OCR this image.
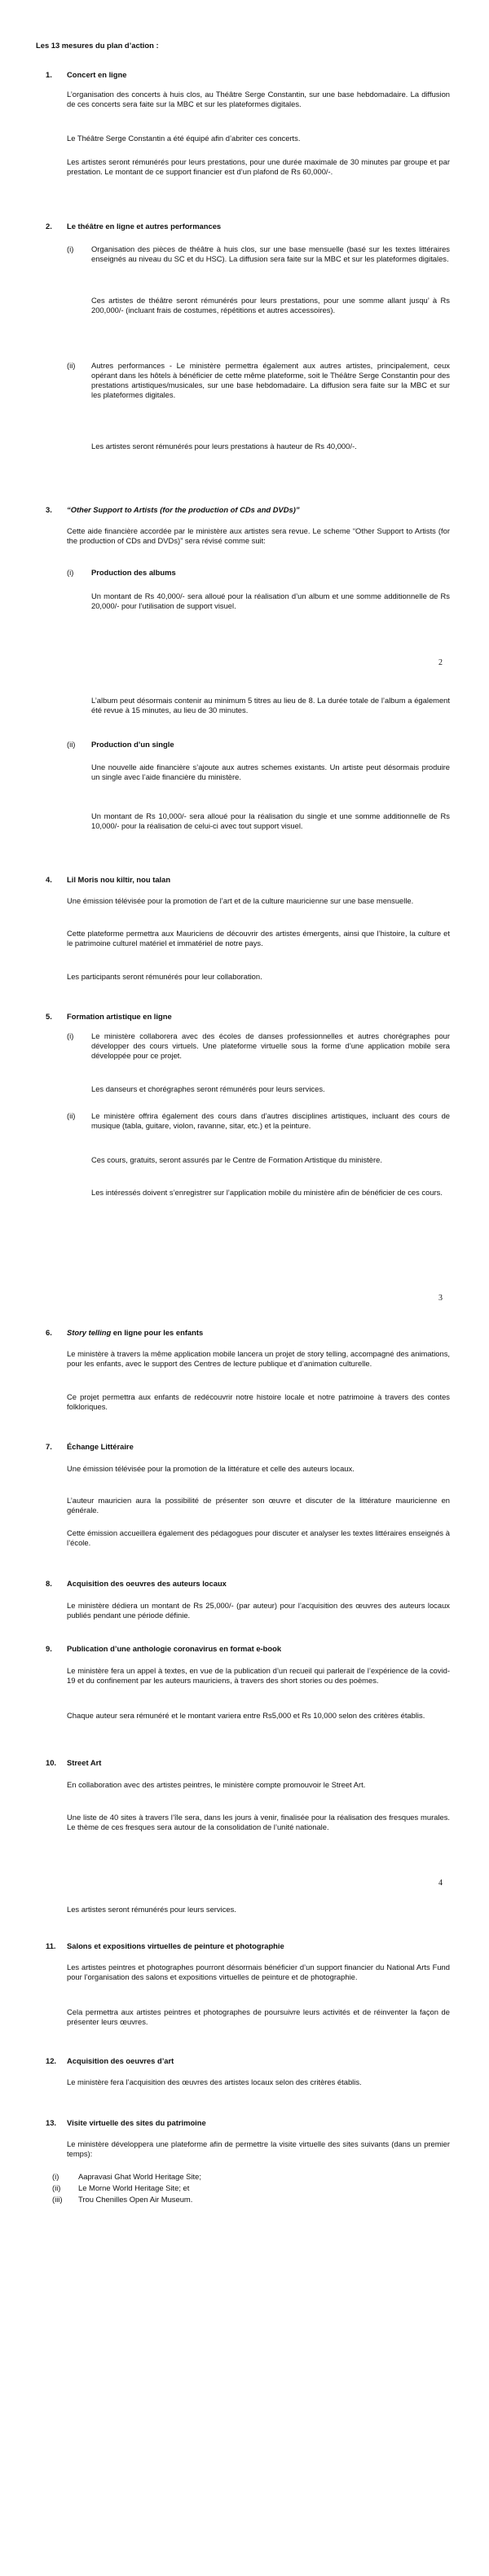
Les 13 mesures du plan d’action :
1. Concert en ligne

L’organisation des concerts à huis clos, au Théâtre Serge Constantin, sur une base hebdomadaire. La diffusion de ces concerts sera faite sur la MBC et sur les plateformes digitales.

Le Théâtre Serge Constantin a été équipé afin d’abriter ces concerts.

Les artistes seront rémunérés pour leurs prestations, pour une durée maximale de 30 minutes par groupe et par prestation. Le montant de ce support financier est d’un plafond de Rs 60,000/-.

2. Le théâtre en ligne et autres performances
(i) Organisation des pièces de théâtre à huis clos, sur une base mensuelle (basé sur les textes littéraires enseignés au niveau du SC et du HSC). La diffusion sera faite sur la MBC et sur les plateformes digitales.

Ces artistes de théâtre seront rémunérés pour leurs prestations, pour une somme allant jusqu’ à Rs 200,000/- (incluant frais de costumes, répétitions et autres accessoires).

(ii) Autres performances - Le ministère permettra également aux autres artistes, principalement, ceux opérant dans les hôtels à bénéficier de cette même plateforme, soit le Théâtre Serge Constantin pour des prestations artistiques/musicales, sur une base hebdomadaire. La diffusion sera faite sur la MBC et sur les plateformes digitales.

Les artistes seront rémunérés pour leurs prestations à hauteur de Rs 40,000/-.

3. “Other Support to Artists (for the production of CDs and DVDs)”

Cette aide financière accordée par le ministère aux artistes sera revue. Le scheme “Other Support to Artists (for the production of CDs and DVDs)” sera révisé comme suit:

(i) Production des albums

Un montant de Rs 40,000/- sera alloué pour la réalisation d’un album et une somme additionnelle de Rs 20,000/- pour l’utilisation de support visuel.

2

L’album peut désormais contenir au minimum 5 titres au lieu de 8. La durée totale de l’album a également été revue à 15 minutes, au lieu de 30 minutes.

(ii) Production d’un single

Une nouvelle aide financière s’ajoute aux autres schemes existants. Un artiste peut désormais produire un single avec l’aide financière du ministère.

Un montant de Rs 10,000/- sera alloué pour la réalisation du single et une somme additionnelle de Rs 10,000/- pour la réalisation de celui-ci avec tout support visuel.

4. Lil Moris nou kiltir, nou talan

Une émission télévisée pour la promotion de l’art et de la culture mauricienne sur une base mensuelle.

Cette plateforme permettra aux Mauriciens de découvrir des artistes émergents, ainsi que l’histoire, la culture et le patrimoine culturel matériel et immatériel de notre pays.

Les participants seront rémunérés pour leur collaboration.

5. Formation artistique en ligne
(i) Le ministère collaborera avec des écoles de danses professionnelles et autres chorégraphes pour développer des cours virtuels. Une plateforme virtuelle sous la forme d’une application mobile sera développée pour ce projet.

Les danseurs et chorégraphes seront rémunérés pour leurs services.

(ii) Le ministère offrira également des cours dans d’autres disciplines artistiques, incluant des cours de musique (tabla, guitare, violon, ravanne, sitar, etc.) et la peinture.

Ces cours, gratuits, seront assurés par le Centre de Formation Artistique du ministère.

Les intéressés doivent s’enregistrer sur l’application mobile du ministère afin de bénéficier de ces cours.

3
6. Story telling en ligne pour les enfants

Le ministère à travers la même application mobile lancera un projet de story telling, accompagné des animations, pour les enfants, avec le support des Centres de lecture publique et d’animation culturelle.

Ce projet permettra aux enfants de redécouvrir notre histoire locale et notre patrimoine à travers des contes folkloriques.

7. Échange Littéraire

Une émission télévisée pour la promotion de la littérature et celle des auteurs locaux.

L’auteur mauricien aura la possibilité de présenter son œuvre et discuter de la littérature mauricienne en générale.

Cette émission accueillera également des pédagogues pour discuter et analyser les textes littéraires enseignés à l’école.

8. Acquisition des oeuvres des auteurs locaux

Le ministère dédiera un montant de Rs 25,000/- (par auteur) pour l’acquisition des œuvres des auteurs locaux publiés pendant une période définie.

9. Publication d’une anthologie coronavirus en format e-book

Le ministère fera un appel à textes, en vue de la publication d’un recueil qui parlerait de l’expérience de la covid-19 et du confinement par les auteurs mauriciens, à travers des short stories ou des poèmes.

Chaque auteur sera rémunéré et le montant variera entre Rs5,000 et Rs 10,000 selon des critères établis.

10. Street Art

En collaboration avec des artistes peintres, le ministère compte promouvoir le Street Art.

Une liste de 40 sites à travers l’île sera, dans les jours à venir, finalisée pour la réalisation des fresques murales. Le thème de ces fresques sera autour de la consolidation de l’unité nationale.

4

Les artistes seront rémunérés pour leurs services.

11. Salons et expositions virtuelles de peinture et photographie

Les artistes peintres et photographes pourront désormais bénéficier d’un support financier du National Arts Fund pour l’organisation des salons et expositions virtuelles de peinture et de photographie.

Cela permettra aux artistes peintres et photographes de poursuivre leurs activités et de réinventer la façon de présenter leurs œuvres.

12. Acquisition des oeuvres d’art

Le ministère fera l’acquisition des œuvres des artistes locaux selon des critères établis.

13. Visite virtuelle des sites du patrimoine

Le ministère développera une plateforme afin de permettre la visite virtuelle des sites suivants (dans un premier temps):

(i)	Aapravasi Ghat World Heritage Site;
(ii) Le Morne World Heritage Site; et
(iii) Trou Chenilles Open Air Museum.
